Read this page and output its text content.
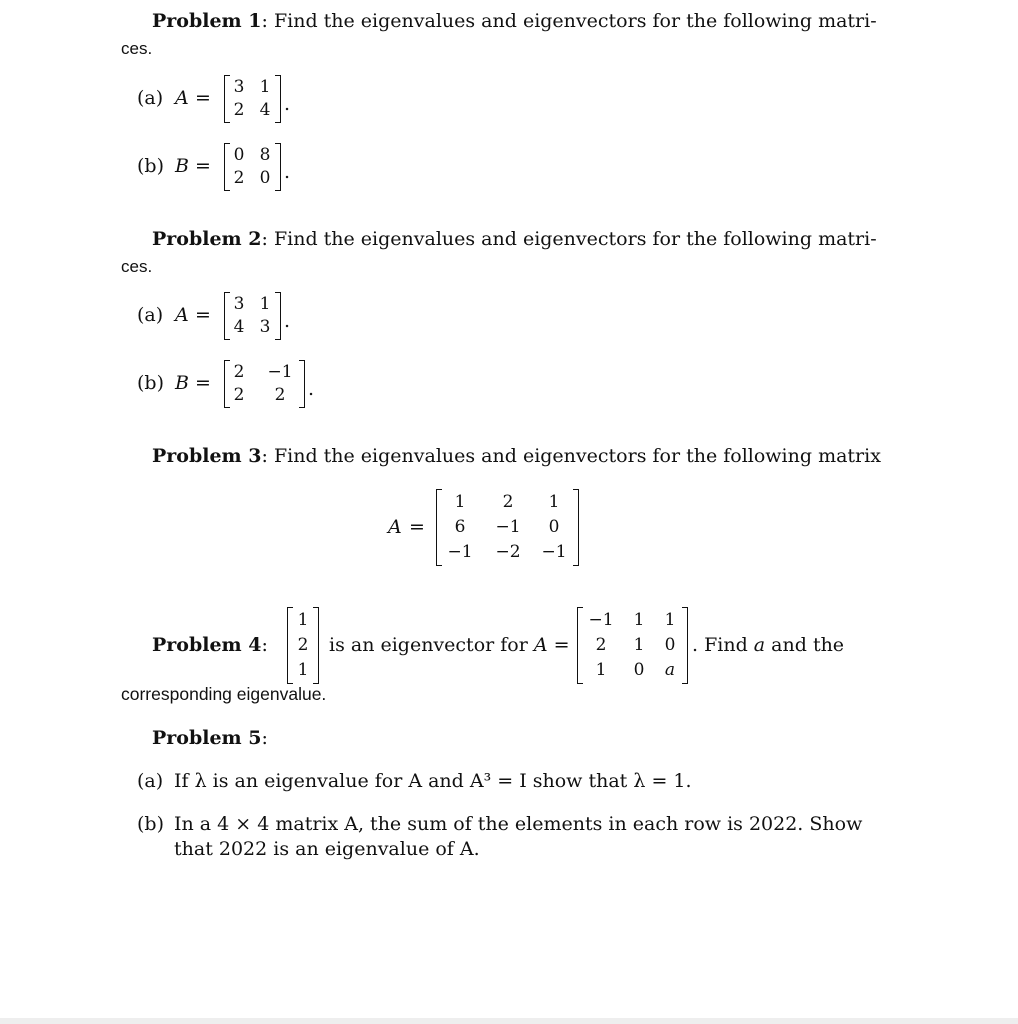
Problem 1: Find the eigenvalues and eigenvectors for the following matri-
ces.
(a) A =	3 1
2 4 .
(b) B =	0 8
2 0 .
Problem 2: Find the eigenvalues and eigenvectors for the following matri-
ces.
(a) A =	3 1
4 3 .
(b) B =	2	−1
2	2	.
Problem 3: Find the eigenvalues and eigenvectors for the following matrix
A =
1	2	1
6	−1	0
−1	−2	−1
Problem 4:
1
2
1
is an eigenvector for A =
−1	1	1
2	1	0
1	0	a
. Find a and the
corresponding eigenvalue.
Problem 5:
(a) If λ is an eigenvalue for A and A³ = I show that λ = 1.
(b) In a 4 × 4 matrix A, the sum of the elements in each row is 2022. Show
that 2022 is an eigenvalue of A.
